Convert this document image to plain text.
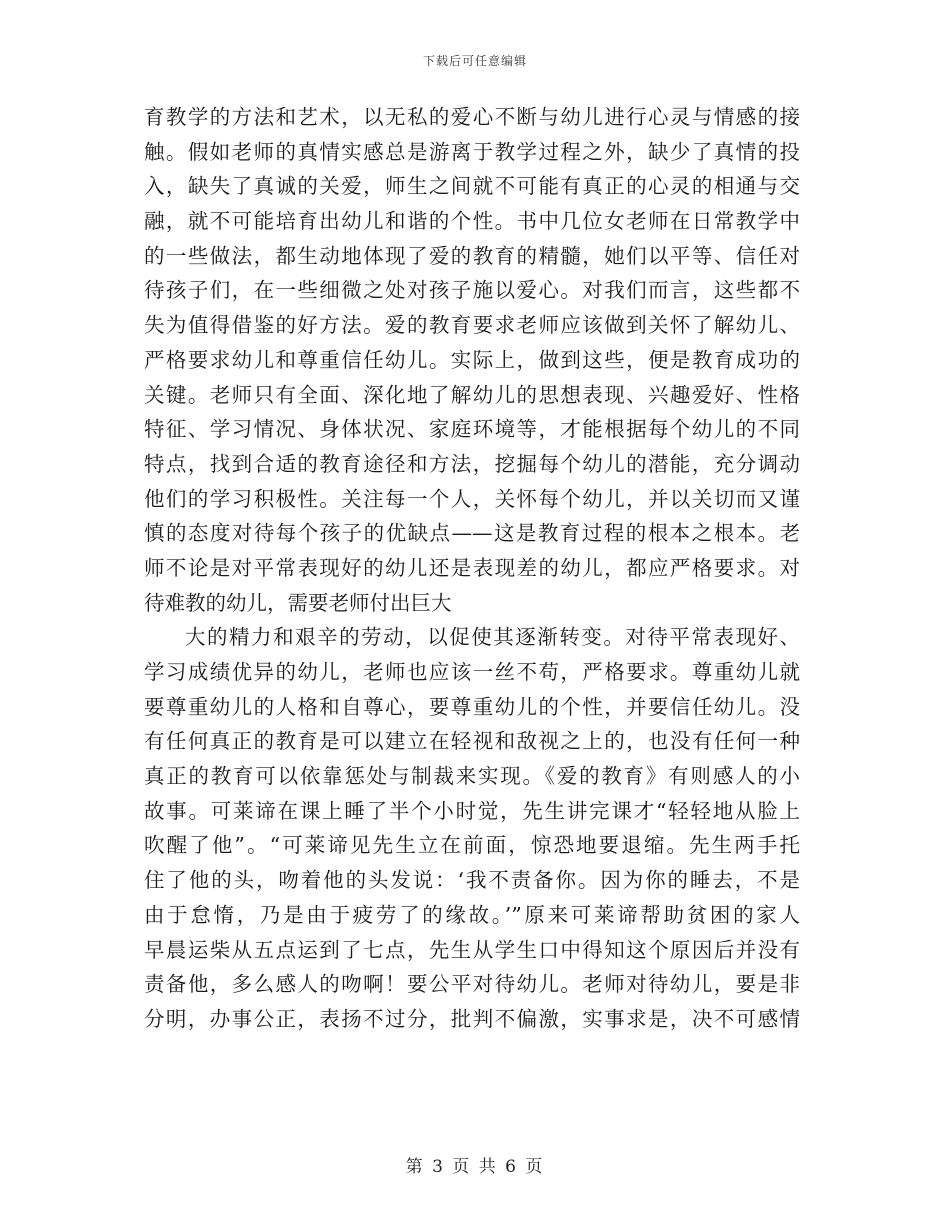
下载后可任意编辑
育教学的方法和艺术，以无私的爱心不断与幼儿进行心灵与情感的接
触。假如老师的真情实感总是游离于教学过程之外，缺少了真情的投
入，缺失了真诚的关爱，师生之间就不可能有真正的心灵的相通与交
融，就不可能培育出幼儿和谐的个性。书中几位女老师在日常教学中
的一些做法，都生动地体现了爱的教育的精髓，她们以平等、信任对
待孩子们，在一些细微之处对孩子施以爱心。对我们而言，这些都不
失为值得借鉴的好方法。爱的教育要求老师应该做到关怀了解幼儿、
严格要求幼儿和尊重信任幼儿。实际上，做到这些，便是教育成功的
关键。老师只有全面、深化地了解幼儿的思想表现、兴趣爱好、性格
特征、学习情况、身体状况、家庭环境等，才能根据每个幼儿的不同
特点，找到合适的教育途径和方法，挖掘每个幼儿的潜能，充分调动
他们的学习积极性。关注每一个人，关怀每个幼儿，并以关切而又谨
慎的态度对待每个孩子的优缺点——这是教育过程的根本之根本。老
师不论是对平常表现好的幼儿还是表现差的幼儿，都应严格要求。对
待难教的幼儿，需要老师付出巨大
大的精力和艰辛的劳动，以促使其逐渐转变。对待平常表现好、
学习成绩优异的幼儿，老师也应该一丝不苟，严格要求。尊重幼儿就
要尊重幼儿的人格和自尊心，要尊重幼儿的个性，并要信任幼儿。没
有任何真正的教育是可以建立在轻视和敌视之上的，也没有任何一种
真正的教育可以依靠惩处与制裁来实现。《爱的教育》有则感人的小
故事。可莱谛在课上睡了半个小时觉，先生讲完课才“轻轻地从脸上
吹醒了他”。“可莱谛见先生立在前面，惊恐地要退缩。先生两手托
住了他的头，吻着他的头发说：‘我不责备你。因为你的睡去，不是
由于怠惰，乃是由于疲劳了的缘故。’”原来可莱谛帮助贫困的家人
早晨运柴从五点运到了七点，先生从学生口中得知这个原因后并没有
责备他，多么感人的吻啊！要公平对待幼儿。老师对待幼儿，要是非
分明，办事公正，表扬不过分，批判不偏激，实事求是，决不可感情
第 3 页 共 6 页
